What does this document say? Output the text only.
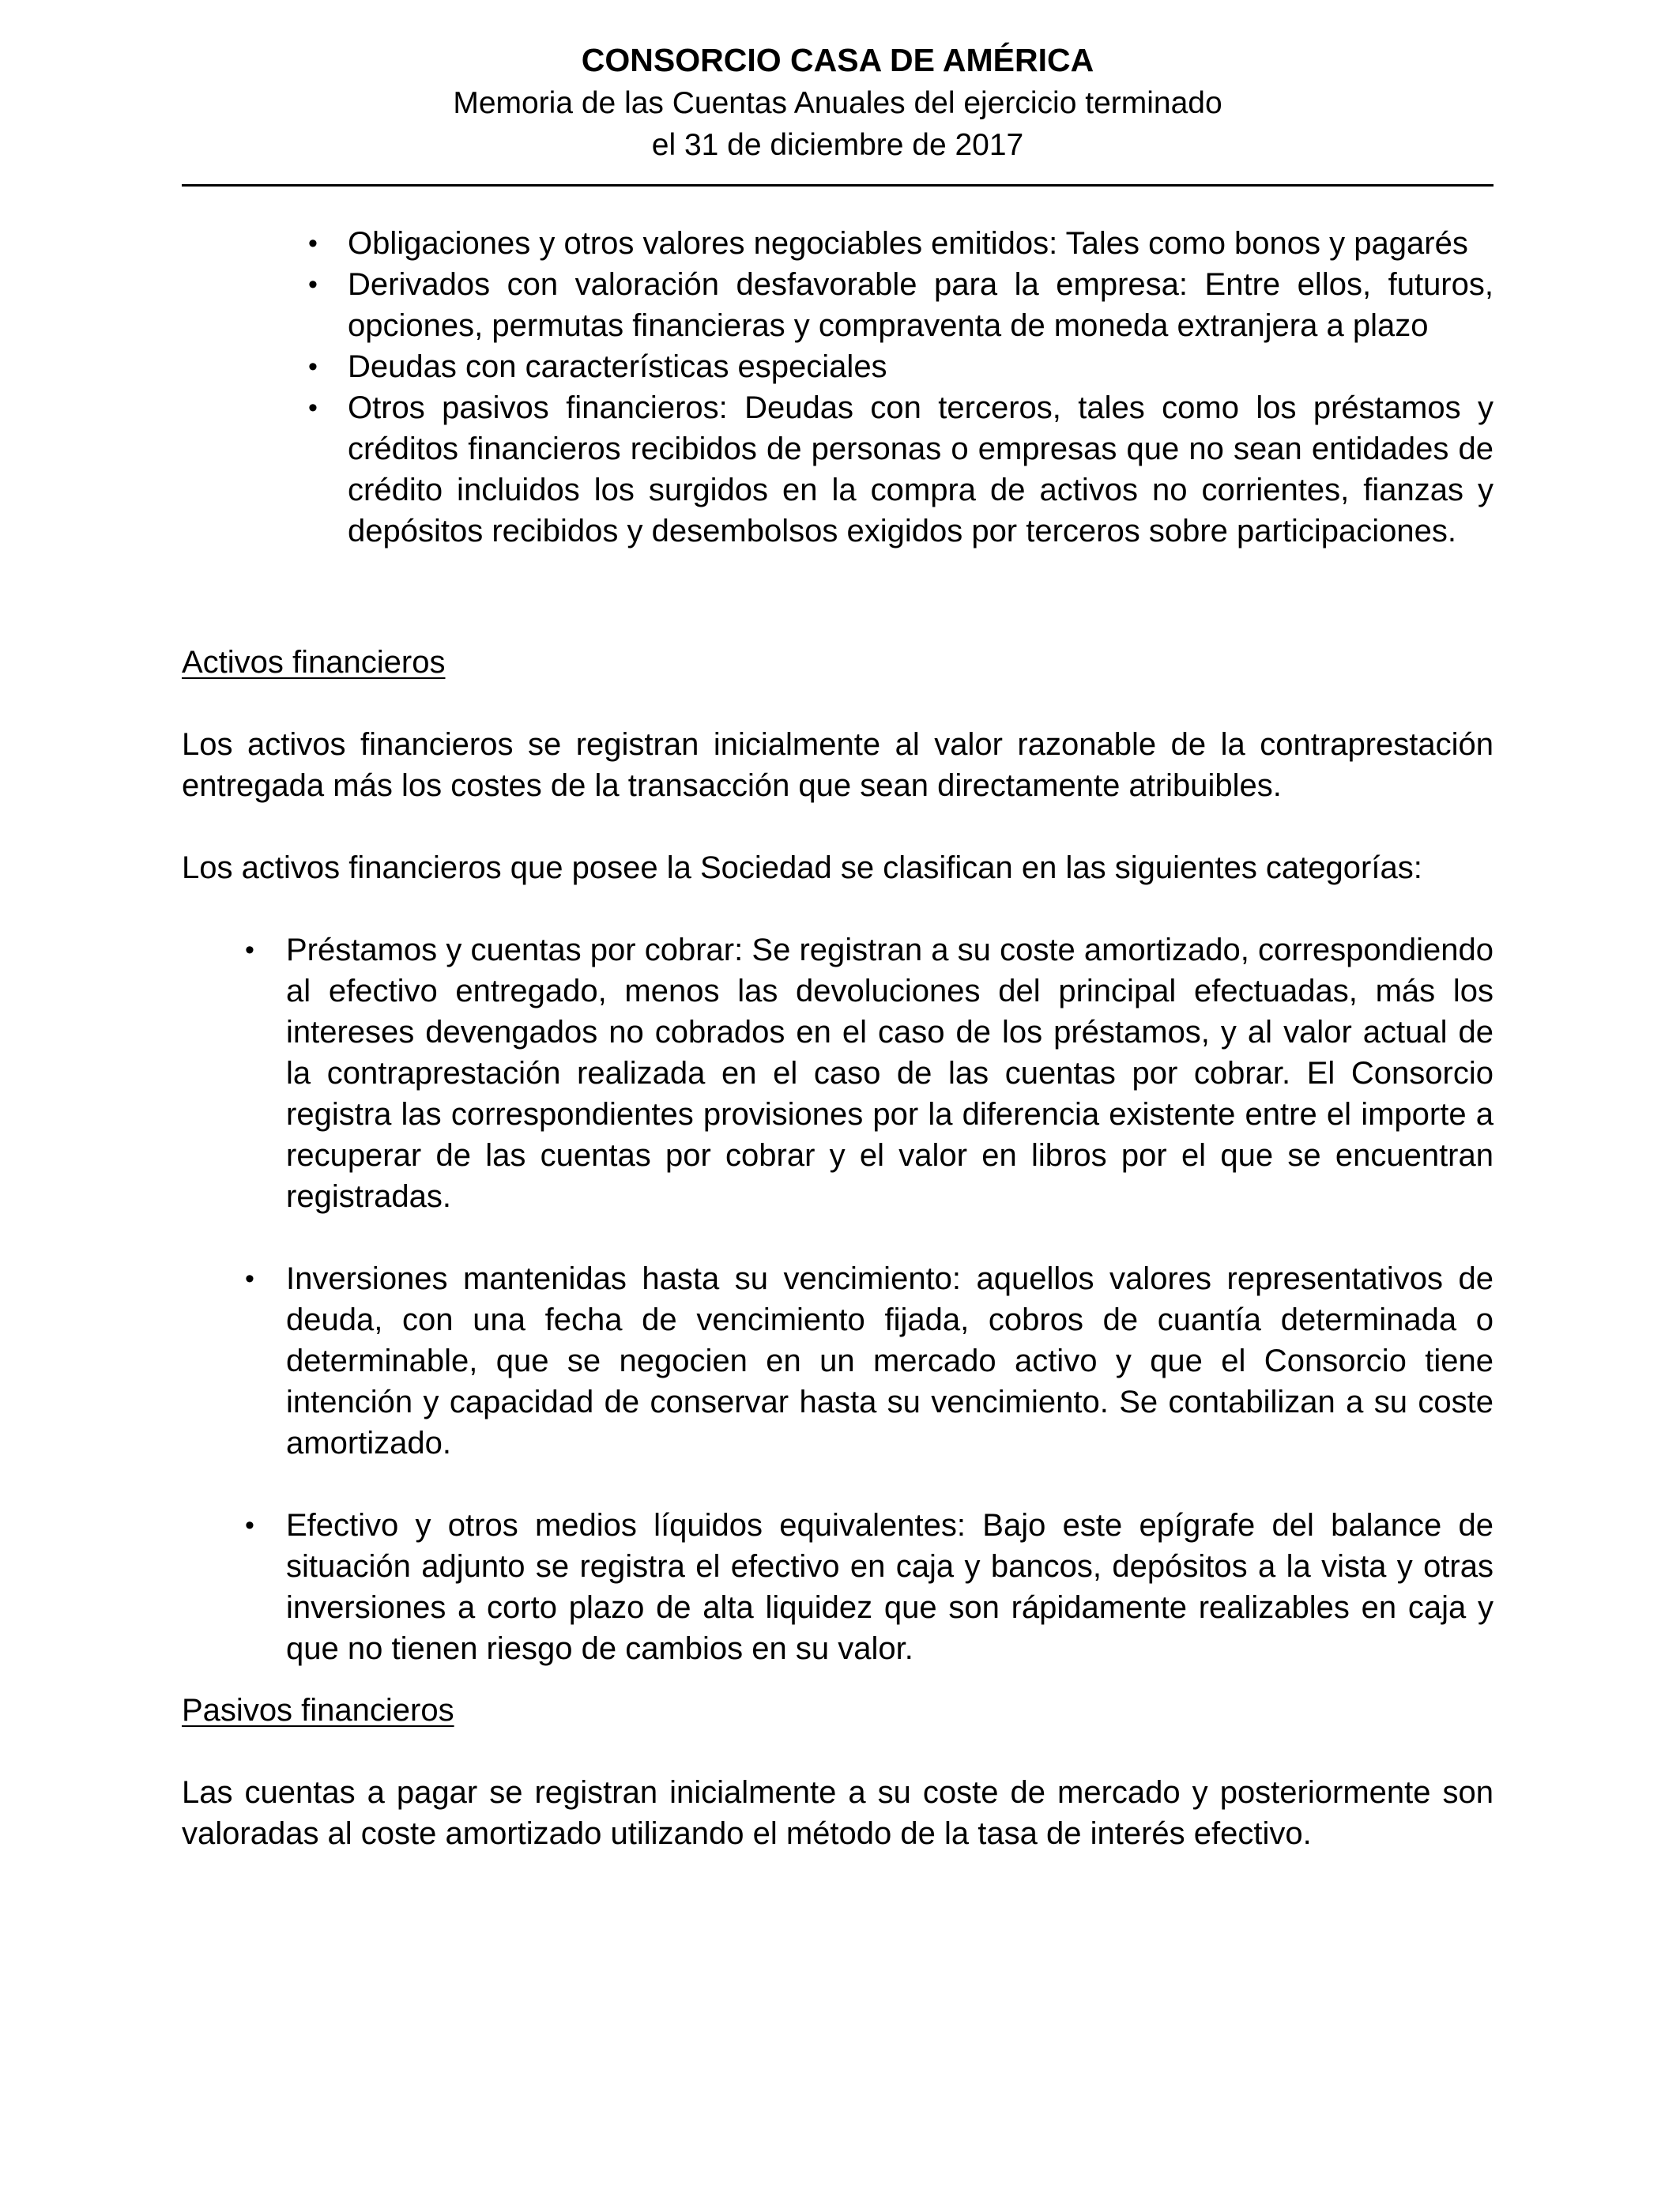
CONSORCIO CASA DE AMÉRICA
Memoria de las Cuentas Anuales del ejercicio terminado
el 31 de diciembre de 2017
• Obligaciones y otros valores negociables emitidos: Tales como bonos y pagarés
• Derivados con valoración desfavorable para la empresa: Entre ellos, futuros, opciones, permutas financieras y compraventa de moneda extranjera a plazo
• Deudas con características especiales
• Otros pasivos financieros: Deudas con terceros, tales como los préstamos y créditos financieros recibidos de personas o empresas que no sean entidades de crédito incluidos los surgidos en la compra de activos no corrientes, fianzas y depósitos recibidos y desembolsos exigidos por terceros sobre participaciones.

Activos financieros

Los activos financieros se registran inicialmente al valor razonable de la contraprestación entregada más los costes de la transacción que sean directamente atribuibles.

Los activos financieros que posee la Sociedad se clasifican en las siguientes categorías:

• Préstamos y cuentas por cobrar: Se registran a su coste amortizado, correspondiendo al efectivo entregado, menos las devoluciones del principal efectuadas, más los intereses devengados no cobrados en el caso de los préstamos, y al valor actual de la contraprestación realizada en el caso de las cuentas por cobrar. El Consorcio registra las correspondientes provisiones por la diferencia existente entre el importe a recuperar de las cuentas por cobrar y el valor en libros por el que se encuentran registradas.
• Inversiones mantenidas hasta su vencimiento: aquellos valores representativos de deuda, con una fecha de vencimiento fijada, cobros de cuantía determinada o determinable, que se negocien en un mercado activo y que el Consorcio tiene intención y capacidad de conservar hasta su vencimiento. Se contabilizan a su coste amortizado.
• Efectivo y otros medios líquidos equivalentes: Bajo este epígrafe del balance de situación adjunto se registra el efectivo en caja y bancos, depósitos a la vista y otras inversiones a corto plazo de alta liquidez que son rápidamente realizables en caja y que no tienen riesgo de cambios en su valor.

Pasivos financieros

Las cuentas a pagar se registran inicialmente a su coste de mercado y posteriormente son valoradas al coste amortizado utilizando el método de la tasa de interés efectivo.
